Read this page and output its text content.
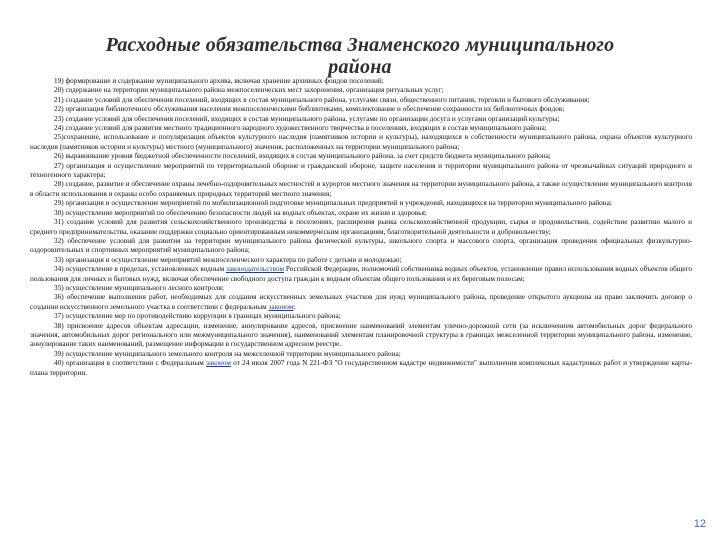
Расходные обязательства Знаменского муниципального района

19) формирование и содержание муниципального архива, включая хранение архивных фондов поселений;

20) содержание на территории муниципального района межпоселенческих мест захоронения, организация ритуальных услуг;

21) создание условий для обеспечения поселений, входящих в состав муниципального района, услугами связи, общественного питания, торговли и бытового обслуживания;

22) организация библиотечного обслуживания населения межпоселенческими библиотеками, комплектование и обеспечение сохранности их библиотечных фондов;

23) создание условий для обеспечения поселений, входящих в состав муниципального района, услугами по организации досуга и услугами организаций культуры;

24) создание условий для развития местного традиционного народного художественного творчества в поселениях, входящих в состав муниципального района;

25)сохранение, использование и популяризация объектов культурного наследия (памятников истории и культуры), находящихся в собственности муниципального района, охрана объектов культурного наследия (памятников истории и культуры) местного (муниципального) значения, расположенных на территории муниципального района;

26) выравнивание уровня бюджетной обеспеченности поселений, входящих в состав муниципального района, за счет средств бюджета муниципального района;

27) организация и осуществление мероприятий по территориальной обороне и гражданской обороне, защите населения и территории муниципального района от чрезвычайных ситуаций природного и техногенного характера;

28) создание, развитие и обеспечение охраны лечебно-оздоровительных местностей и курортов местного значения на территории муниципального района, а также осуществление муниципального контроля в области использования и охраны особо охраняемых природных территорий местного значения;

29) организация и осуществление мероприятий по мобилизационной подготовке муниципальных предприятий и учреждений, находящихся на территории муниципального района;

30) осуществление мероприятий по обеспечению безопасности людей на водных объектах, охране их жизни и здоровья;

31) создание условий для развития сельскохозяйственного производства в поселениях, расширения рынка сельскохозяйственной продукции, сырья и продовольствия, содействие развитию малого и среднего предпринимательства, оказание поддержки социально ориентированным некоммерческим организациям, благотворительной деятельности и добровольчеству;

32) обеспечение условий для развития на территории муниципального района физической культуры, школьного спорта и массового спорта, организация проведения официальных физкультурно-оздоровительных и спортивных мероприятий муниципального района;

33) организация и осуществление мероприятий межпоселенческого характера по работе с детьми и молодежью;

34) осуществление в пределах, установленных водным законодательством Российской Федерации, полномочий собственника водных объектов, установление правил использования водных объектов общего пользования для личных и бытовых нужд, включая обеспечение свободного доступа граждан к водным объектам общего пользования и их береговым полосам;

35) осуществление муниципального лесного контроля;

36) обеспечение выполнения работ, необходимых для создания искусственных земельных участков для нужд муниципального района, проведение открытого аукциона на право заключить договор о создании искусственного земельного участка в соответствии с федеральным законом;

37) осуществление мер по противодействию коррупции в границах муниципального района;

38) присвоение адресов объектам адресации, изменение, аннулирование адресов, присвоение наименований элементам улично-дорожной сети (за исключением автомобильных дорог федерального значения, автомобильных дорог регионального или межмуниципального значения), наименований элементам планировочной структуры в границах межселенной территории муниципального района, изменение, аннулирование таких наименований, размещение информации в государственном адресном реестре.

39) осуществление муниципального земельного контроля на межселенной территории муниципального района;

40) организация в соответствии с Федеральным законом от 24 июля 2007 года N 221-ФЗ "О государственном кадастре недвижимости" выполнения комплексных кадастровых работ и утверждение карты-плана территории.

12
